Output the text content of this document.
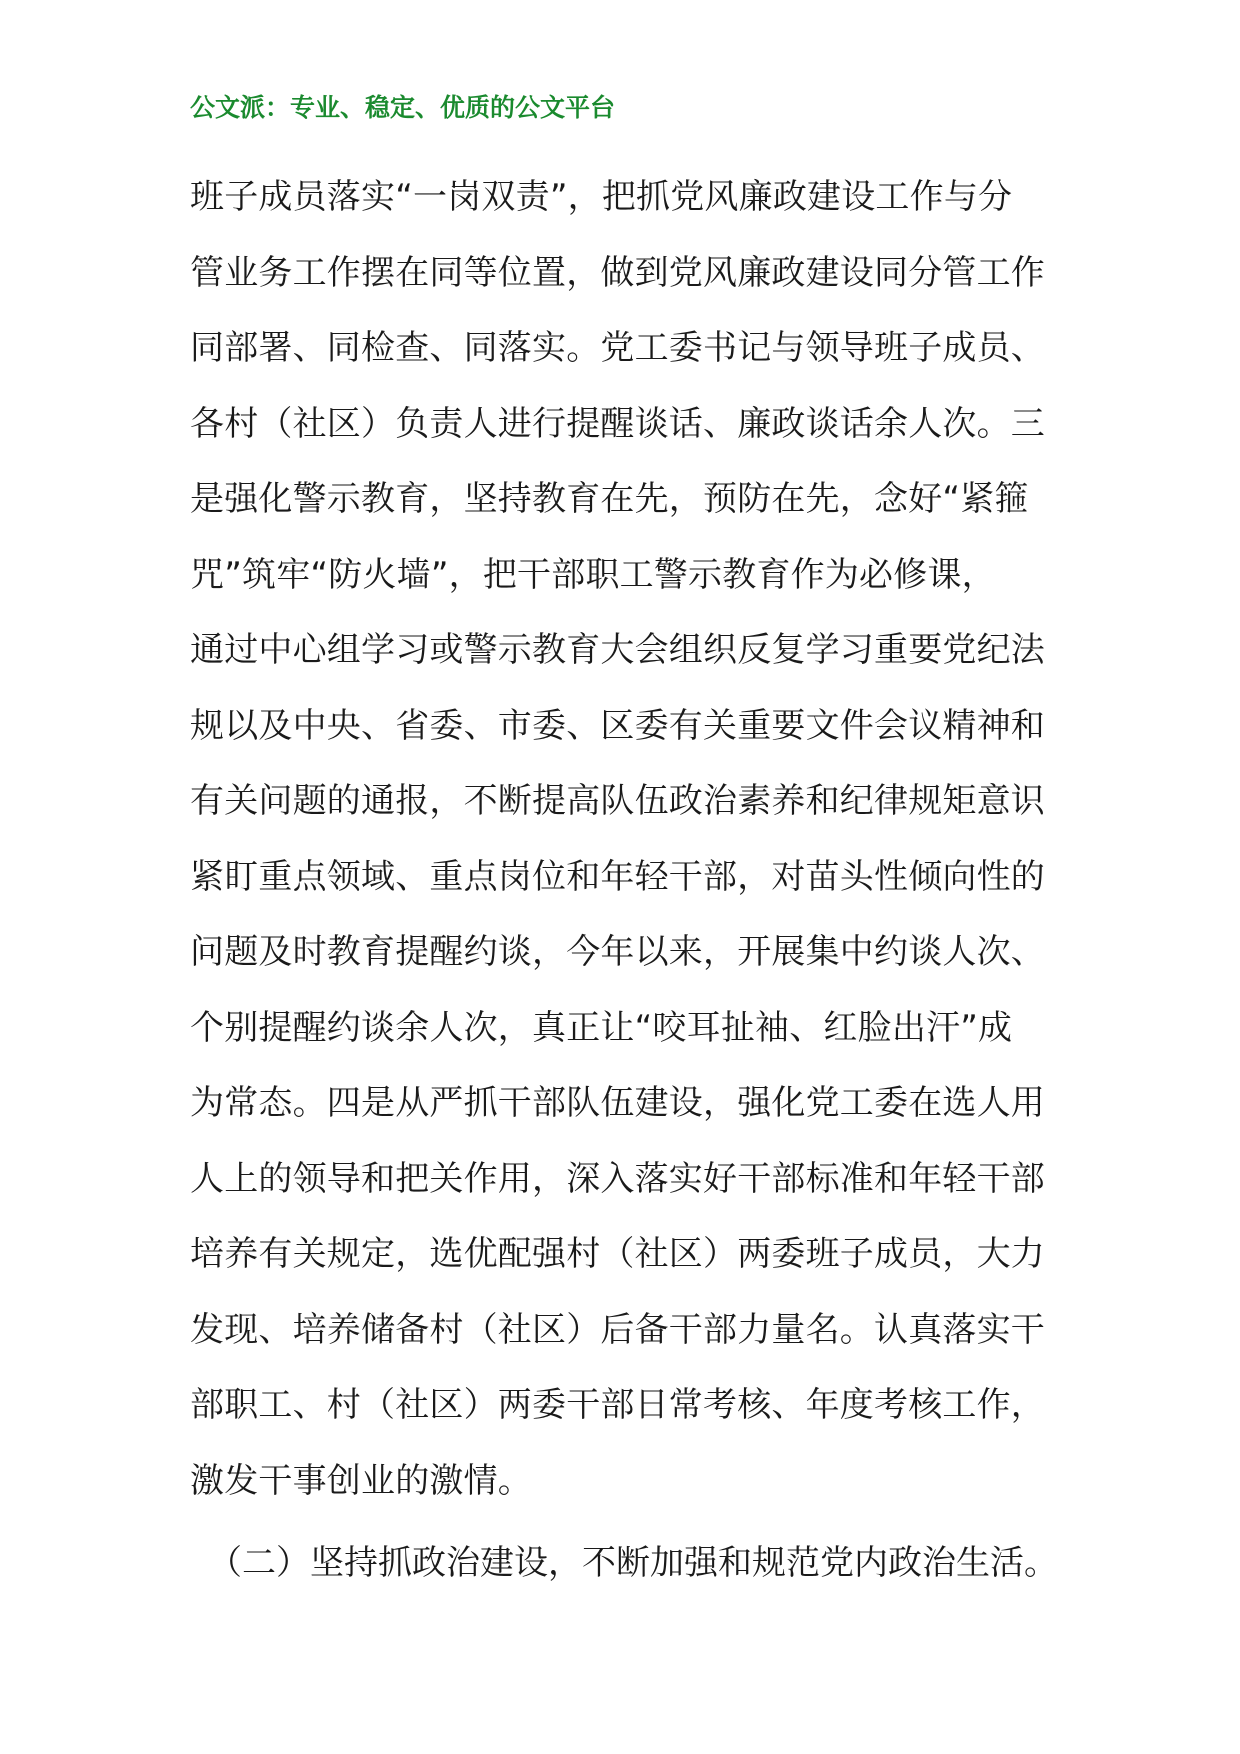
公文派：专业、稳定、优质的公文平台
班子成员落实“一岗双责”，把抓党风廉政建设工作与分
管业务工作摆在同等位置，做到党风廉政建设同分管工作
同部署、同检查、同落实。党工委书记与领导班子成员、
各村（社区）负责人进行提醒谈话、廉政谈话余人次。三
是强化警示教育，坚持教育在先，预防在先，念好“紧箍
咒”筑牢“防火墙”，把干部职工警示教育作为必修课，
通过中心组学习或警示教育大会组织反复学习重要党纪法
规以及中央、省委、市委、区委有关重要文件会议精神和
有关问题的通报，不断提高队伍政治素养和纪律规矩意识
紧盯重点领域、重点岗位和年轻干部，对苗头性倾向性的
问题及时教育提醒约谈，今年以来，开展集中约谈人次、
个别提醒约谈余人次，真正让“咬耳扯袖、红脸出汗”成
为常态。四是从严抓干部队伍建设，强化党工委在选人用
人上的领导和把关作用，深入落实好干部标准和年轻干部
培养有关规定，选优配强村（社区）两委班子成员，大力
发现、培养储备村（社区）后备干部力量名。认真落实干
部职工、村（社区）两委干部日常考核、年度考核工作，
激发干事创业的激情。
（二）坚持抓政治建设，不断加强和规范党内政治生活。
